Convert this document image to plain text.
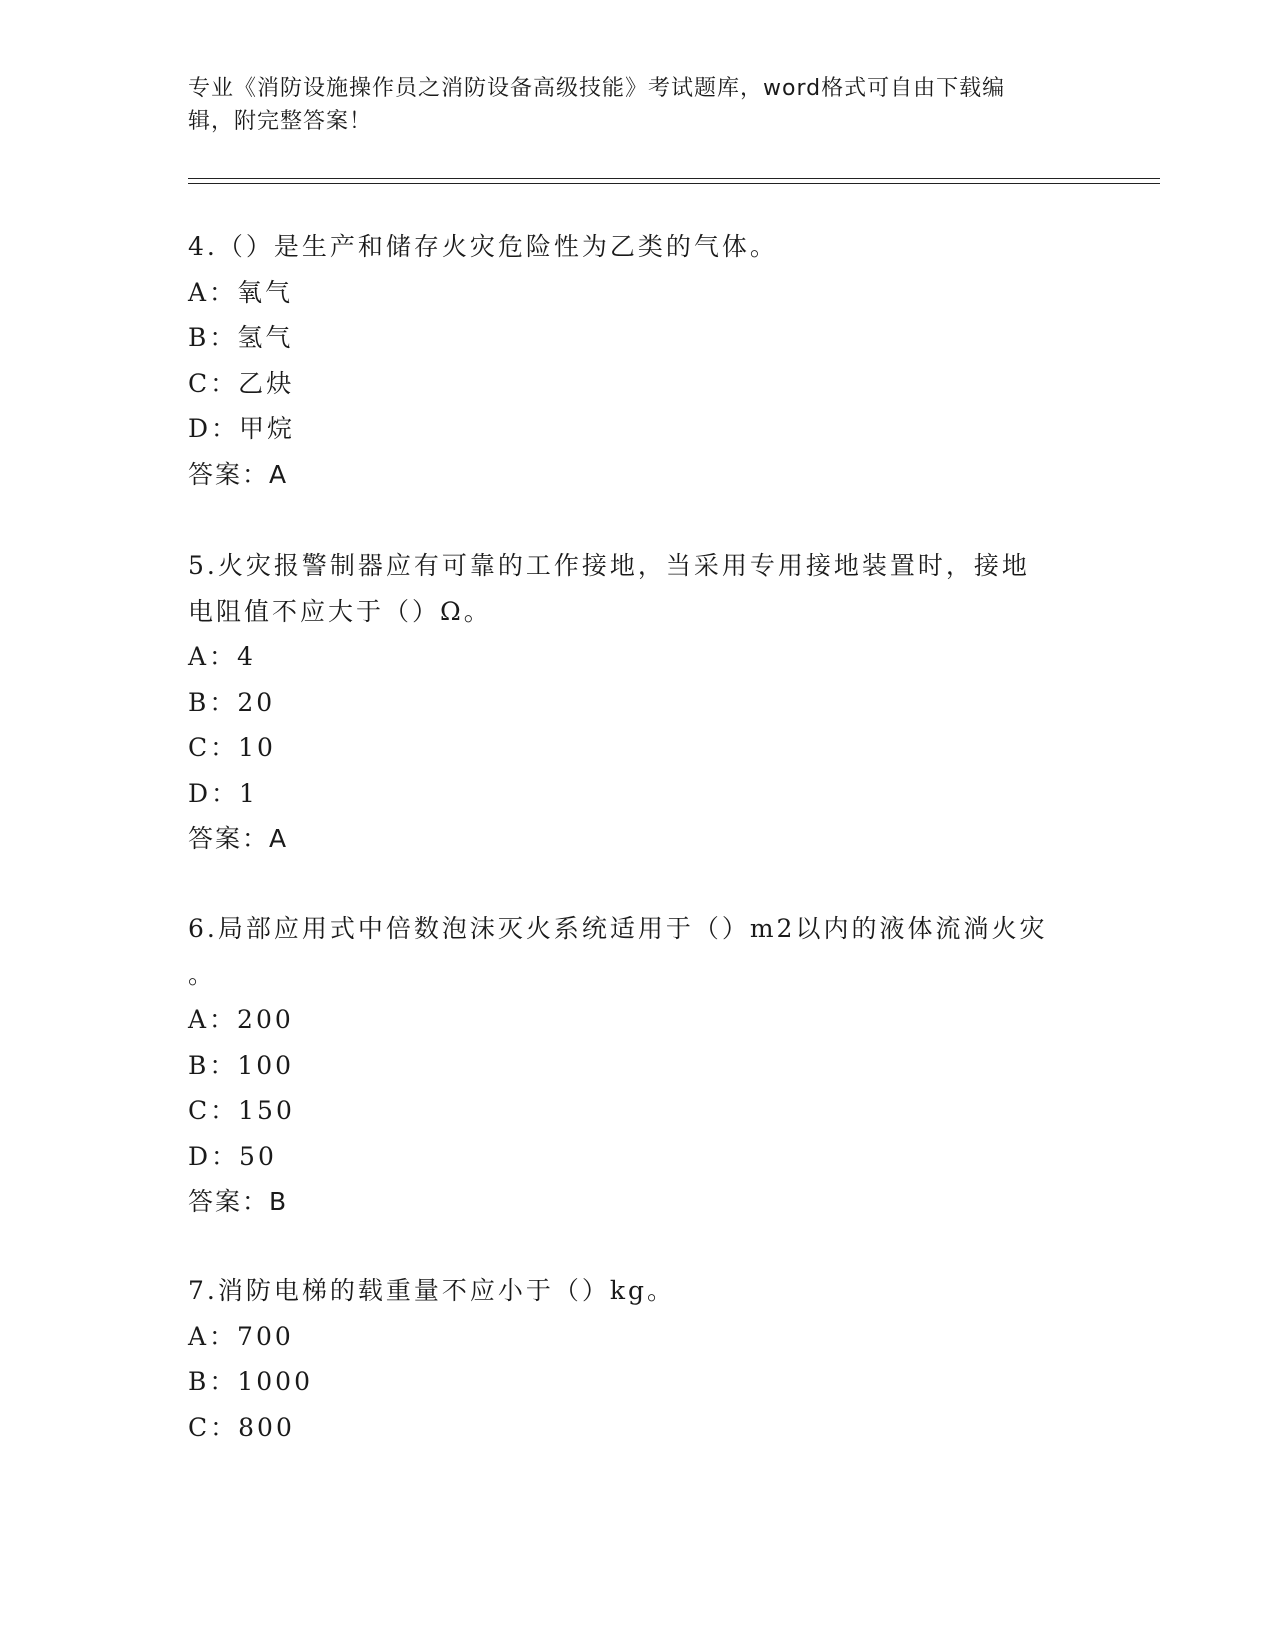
专业《消防设施操作员之消防设备高级技能》考试题库，word格式可自由下载编
辑，附完整答案！
4.（）是生产和储存火灾危险性为乙类的气体。
A：氧气
B：氢气
C：乙炔
D：甲烷
答案：A
5.火灾报警制器应有可靠的工作接地，当采用专用接地装置时，接地
电阻值不应大于（）Ω。
A：4
B：20
C：10
D：1
答案：A
6.局部应用式中倍数泡沫灭火系统适用于（）m2以内的液体流淌火灾
。
A：200
B：100
C：150
D：50
答案：B
7.消防电梯的载重量不应小于（）kg。
A：700
B：1000
C：800
